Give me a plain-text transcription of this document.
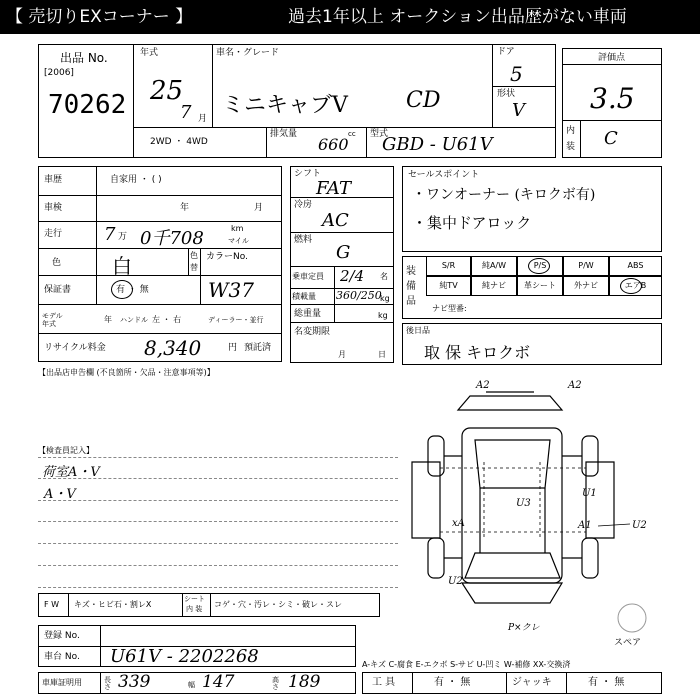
【 売切りEXコーナー 】	過去1年以上 オークション出品歴がない車両
出品 No.
[2006]
70262
年式
25
7 月
車名・グレード
ミニキャブV	CD
2WD ・ 4WD
排気量
660
cc 型式
GBD - U61V
ドア
5
形状
V
評価点
3.5
内
装 C
車歴	自家用 ・ ( )
車検	年	月
走行 7 万 0千708	km
マイル
色	白	色
替
カラーNo.
W37
保証書	有 ・ 無
モデル年式	年 ハンドル 左 ・ 右	ディーラー・並行
リサイクル料金 8,340	円 預託済
シフト
FAT
冷房
AC
燃料
G
乗車定員 2/4 名
積載量 360/250
kg
総重量	kg
名変期限
月	日
セールスポイント
・ワンオーナー (キロクボ有)
・集中ドアロック
装備品
S/R	純A/W	P/S	P/W	ABS
純TV	純ナビ	革シート	外ナビ	エアB
ナビ型番:
後日品
取 保 キロクボ
【出品店申告欄 (不良箇所・欠品・注意事項等)】
【検査員記入】
荷室A・V
A・V
A2	A2
U3
U1
A1	U2
U2
xA
P×クレ
スペア
F W キズ・ヒビ石・割レX
シート
内 装 コゲ・穴・汚レ・シミ・破レ・スレ
登録 No.
車台 No. U61V - 2202268
車庫証明用	長さ 339	幅 147	高さ 189
A-キズ C-腐食 E-エクボ S-サビ U-凹ミ W-補修 XX-交換済
工 具	有 ・ 無	ジャッキ	有 ・ 無
